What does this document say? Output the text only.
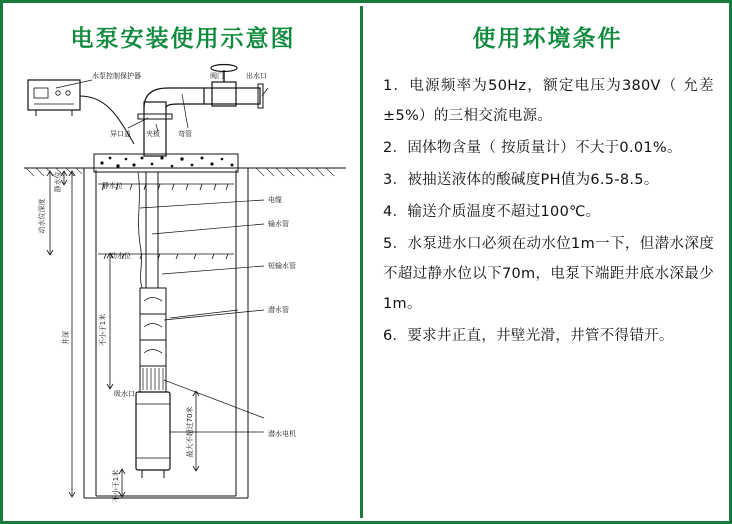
电泵安装使用示意图
水泵控制保护器
异口盖 夹板	弯管
阀门	出水口
电缆
输水管
短输水管
潜水管
潜水电机
静水位
动水位
吸水口
动水位深度
静水位
不小于1米
井深
不小于1米
最大不超过70米
使用环境条件
1．电源频率为50Hz，额定电压为380V（ 允差±5%）的三相交流电源。
2．固体物含量（ 按质量计）不大于0.01%。
3．被抽送液体的酸碱度PH值为6.5-8.5。
4．输送介质温度不超过100℃。
5．水泵进水口必须在动水位1m一下，但潜水深度不超过静水位以下70m，电泵下端距井底水深最少1m。
6．要求井正直，井壁光滑，井管不得错开。
